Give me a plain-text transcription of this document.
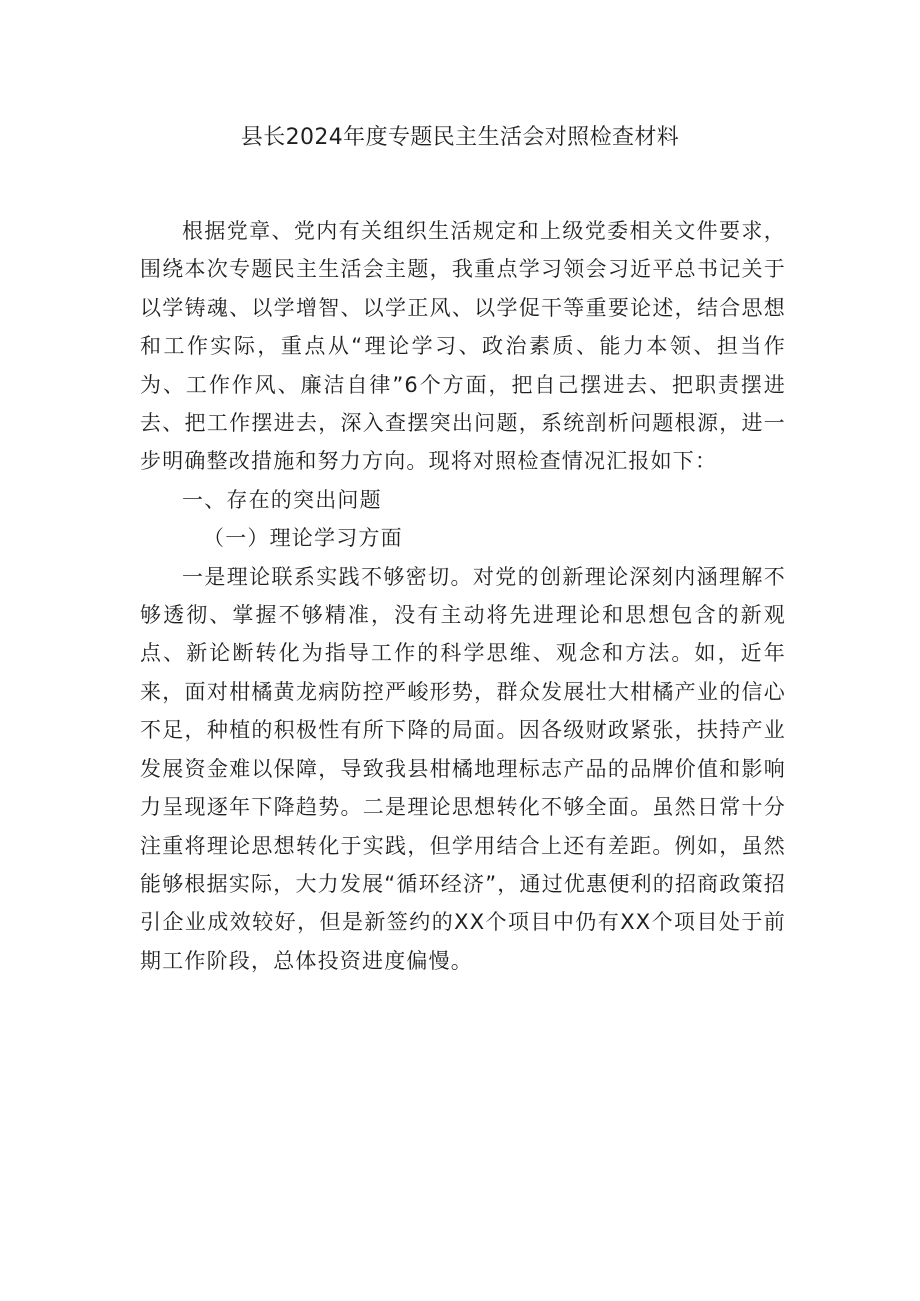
县长2024年度专题民主生活会对照检查材料

根据党章、党内有关组织生活规定和上级党委相关文件要求，围绕本次专题民主生活会主题，我重点学习领会习近平总书记关于以学铸魂、以学增智、以学正风、以学促干等重要论述，结合思想和工作实际，重点从“理论学习、政治素质、能力本领、担当作为、工作作风、廉洁自律”6个方面，把自己摆进去、把职责摆进去、把工作摆进去，深入查摆突出问题，系统剖析问题根源，进一步明确整改措施和努力方向。现将对照检查情况汇报如下：

一、存在的突出问题

（一）理论学习方面

一是理论联系实践不够密切。对党的创新理论深刻内涵理解不够透彻、掌握不够精准，没有主动将先进理论和思想包含的新观点、新论断转化为指导工作的科学思维、观念和方法。如，近年来，面对柑橘黄龙病防控严峻形势，群众发展壮大柑橘产业的信心不足，种植的积极性有所下降的局面。因各级财政紧张，扶持产业发展资金难以保障，导致我县柑橘地理标志产品的品牌价值和影响力呈现逐年下降趋势。二是理论思想转化不够全面。虽然日常十分注重将理论思想转化于实践，但学用结合上还有差距。例如，虽然能够根据实际，大力发展“循环经济”，通过优惠便利的招商政策招引企业成效较好，但是新签约的XX个项目中仍有XX个项目处于前期工作阶段，总体投资进度偏慢。
